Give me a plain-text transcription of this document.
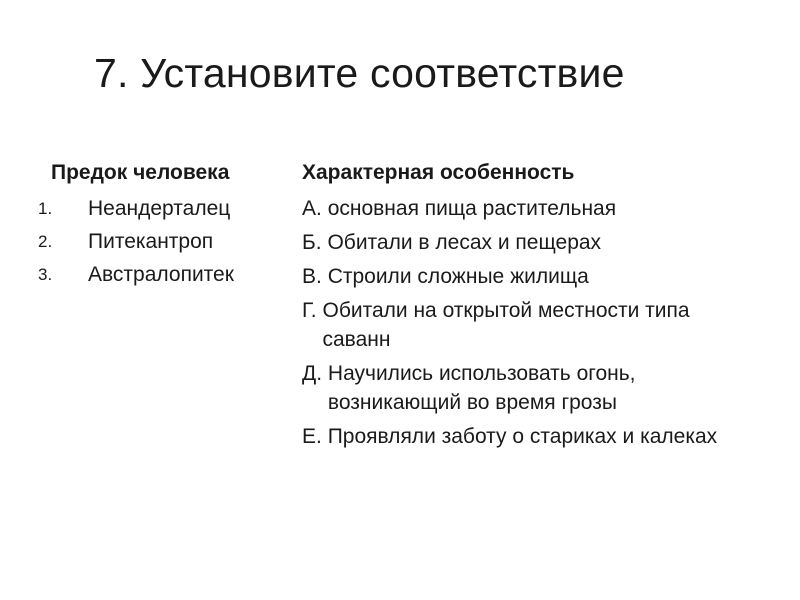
7. Установите соответствие
Предок человека
1.	Неандерталец
2.	Питекантроп
3.	Австралопитек
Характерная особенность
А. основная пища растительная
Б. Обитали в лесах и пещерах
В. Строили сложные жилища
Г. Обитали на открытой местности типа саванн
Д. Научились использовать огонь, возникающий во время грозы
Е. Проявляли заботу о стариках и калеках
